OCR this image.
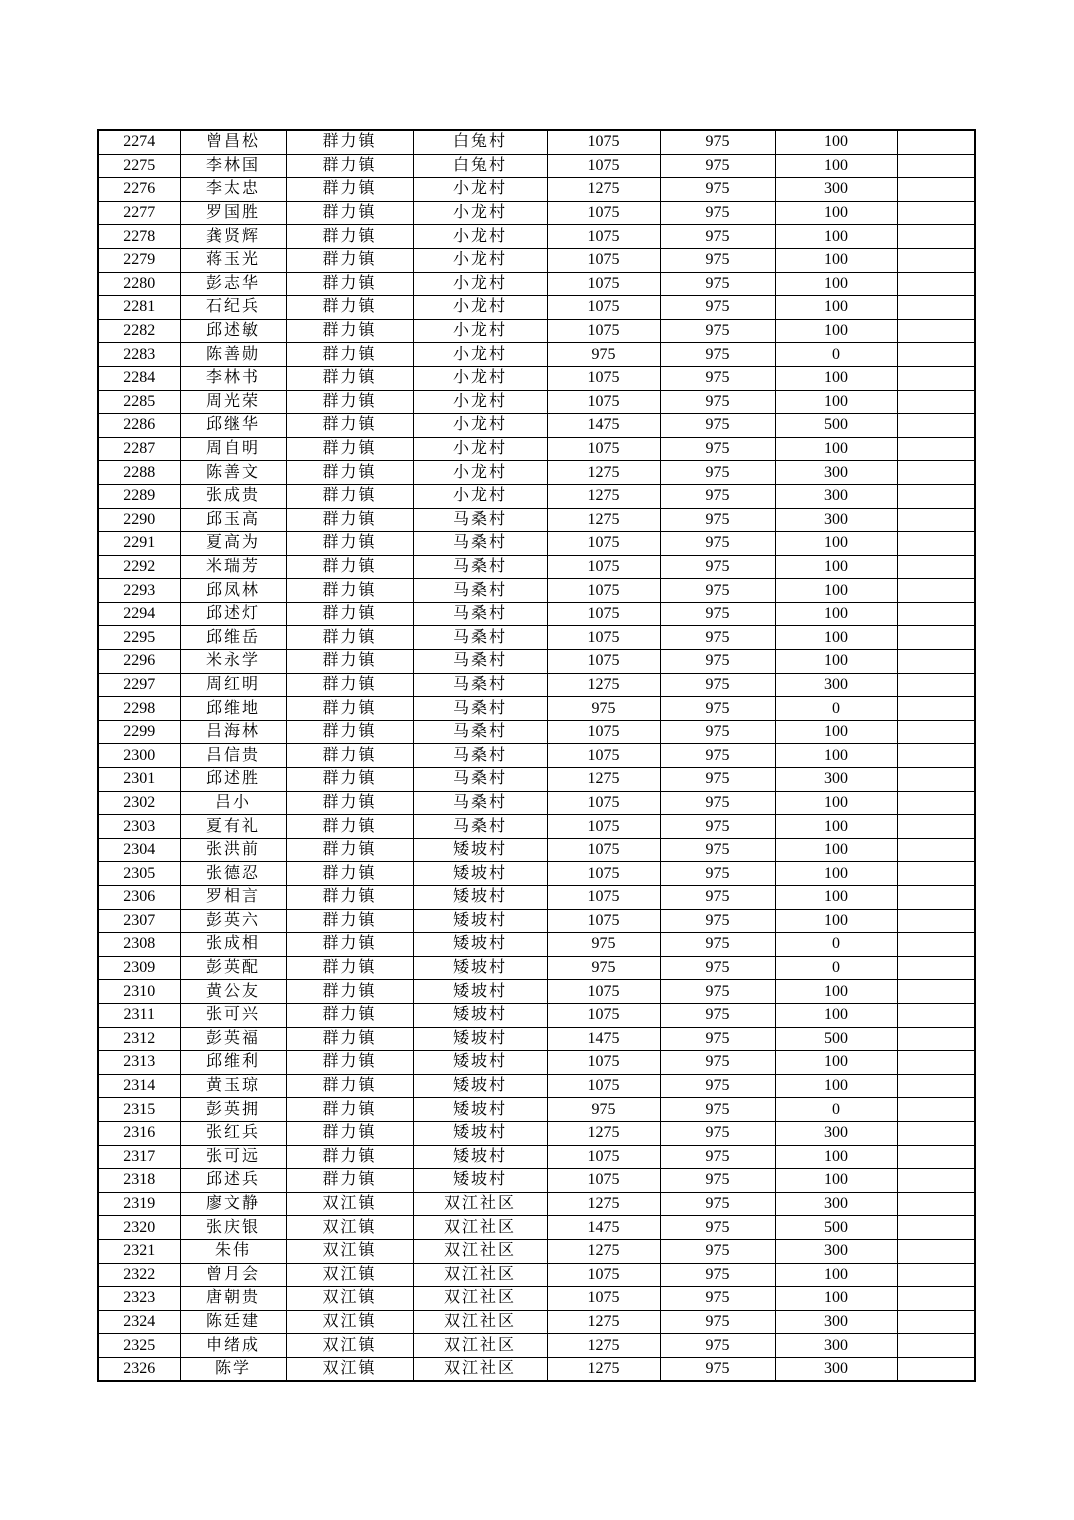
2274	曾昌松	群力镇	白兔村	1075	975	100	
2275	李林国	群力镇	白兔村	1075	975	100	
2276	李太忠	群力镇	小龙村	1275	975	300	
2277	罗国胜	群力镇	小龙村	1075	975	100	
2278	龚贤辉	群力镇	小龙村	1075	975	100	
2279	蒋玉光	群力镇	小龙村	1075	975	100	
2280	彭志华	群力镇	小龙村	1075	975	100	
2281	石纪兵	群力镇	小龙村	1075	975	100	
2282	邱述敏	群力镇	小龙村	1075	975	100	
2283	陈善勋	群力镇	小龙村	975	975	0	
2284	李林书	群力镇	小龙村	1075	975	100	
2285	周光荣	群力镇	小龙村	1075	975	100	
2286	邱继华	群力镇	小龙村	1475	975	500	
2287	周自明	群力镇	小龙村	1075	975	100	
2288	陈善文	群力镇	小龙村	1275	975	300	
2289	张成贵	群力镇	小龙村	1275	975	300	
2290	邱玉高	群力镇	马桑村	1275	975	300	
2291	夏高为	群力镇	马桑村	1075	975	100	
2292	米瑞芳	群力镇	马桑村	1075	975	100	
2293	邱凤林	群力镇	马桑村	1075	975	100	
2294	邱述灯	群力镇	马桑村	1075	975	100	
2295	邱维岳	群力镇	马桑村	1075	975	100	
2296	米永学	群力镇	马桑村	1075	975	100	
2297	周红明	群力镇	马桑村	1275	975	300	
2298	邱维地	群力镇	马桑村	975	975	0	
2299	吕海林	群力镇	马桑村	1075	975	100	
2300	吕信贵	群力镇	马桑村	1075	975	100	
2301	邱述胜	群力镇	马桑村	1275	975	300	
2302	吕小	群力镇	马桑村	1075	975	100	
2303	夏有礼	群力镇	马桑村	1075	975	100	
2304	张洪前	群力镇	矮坡村	1075	975	100	
2305	张德忍	群力镇	矮坡村	1075	975	100	
2306	罗相言	群力镇	矮坡村	1075	975	100	
2307	彭英六	群力镇	矮坡村	1075	975	100	
2308	张成相	群力镇	矮坡村	975	975	0	
2309	彭英配	群力镇	矮坡村	975	975	0	
2310	黄公友	群力镇	矮坡村	1075	975	100	
2311	张可兴	群力镇	矮坡村	1075	975	100	
2312	彭英福	群力镇	矮坡村	1475	975	500	
2313	邱维利	群力镇	矮坡村	1075	975	100	
2314	黄玉琼	群力镇	矮坡村	1075	975	100	
2315	彭英拥	群力镇	矮坡村	975	975	0	
2316	张红兵	群力镇	矮坡村	1275	975	300	
2317	张可远	群力镇	矮坡村	1075	975	100	
2318	邱述兵	群力镇	矮坡村	1075	975	100	
2319	廖文静	双江镇	双江社区	1275	975	300	
2320	张庆银	双江镇	双江社区	1475	975	500	
2321	朱伟	双江镇	双江社区	1275	975	300	
2322	曾月会	双江镇	双江社区	1075	975	100	
2323	唐朝贵	双江镇	双江社区	1075	975	100	
2324	陈廷建	双江镇	双江社区	1275	975	300	
2325	申绪成	双江镇	双江社区	1275	975	300	
2326	陈学	双江镇	双江社区	1275	975	300	
